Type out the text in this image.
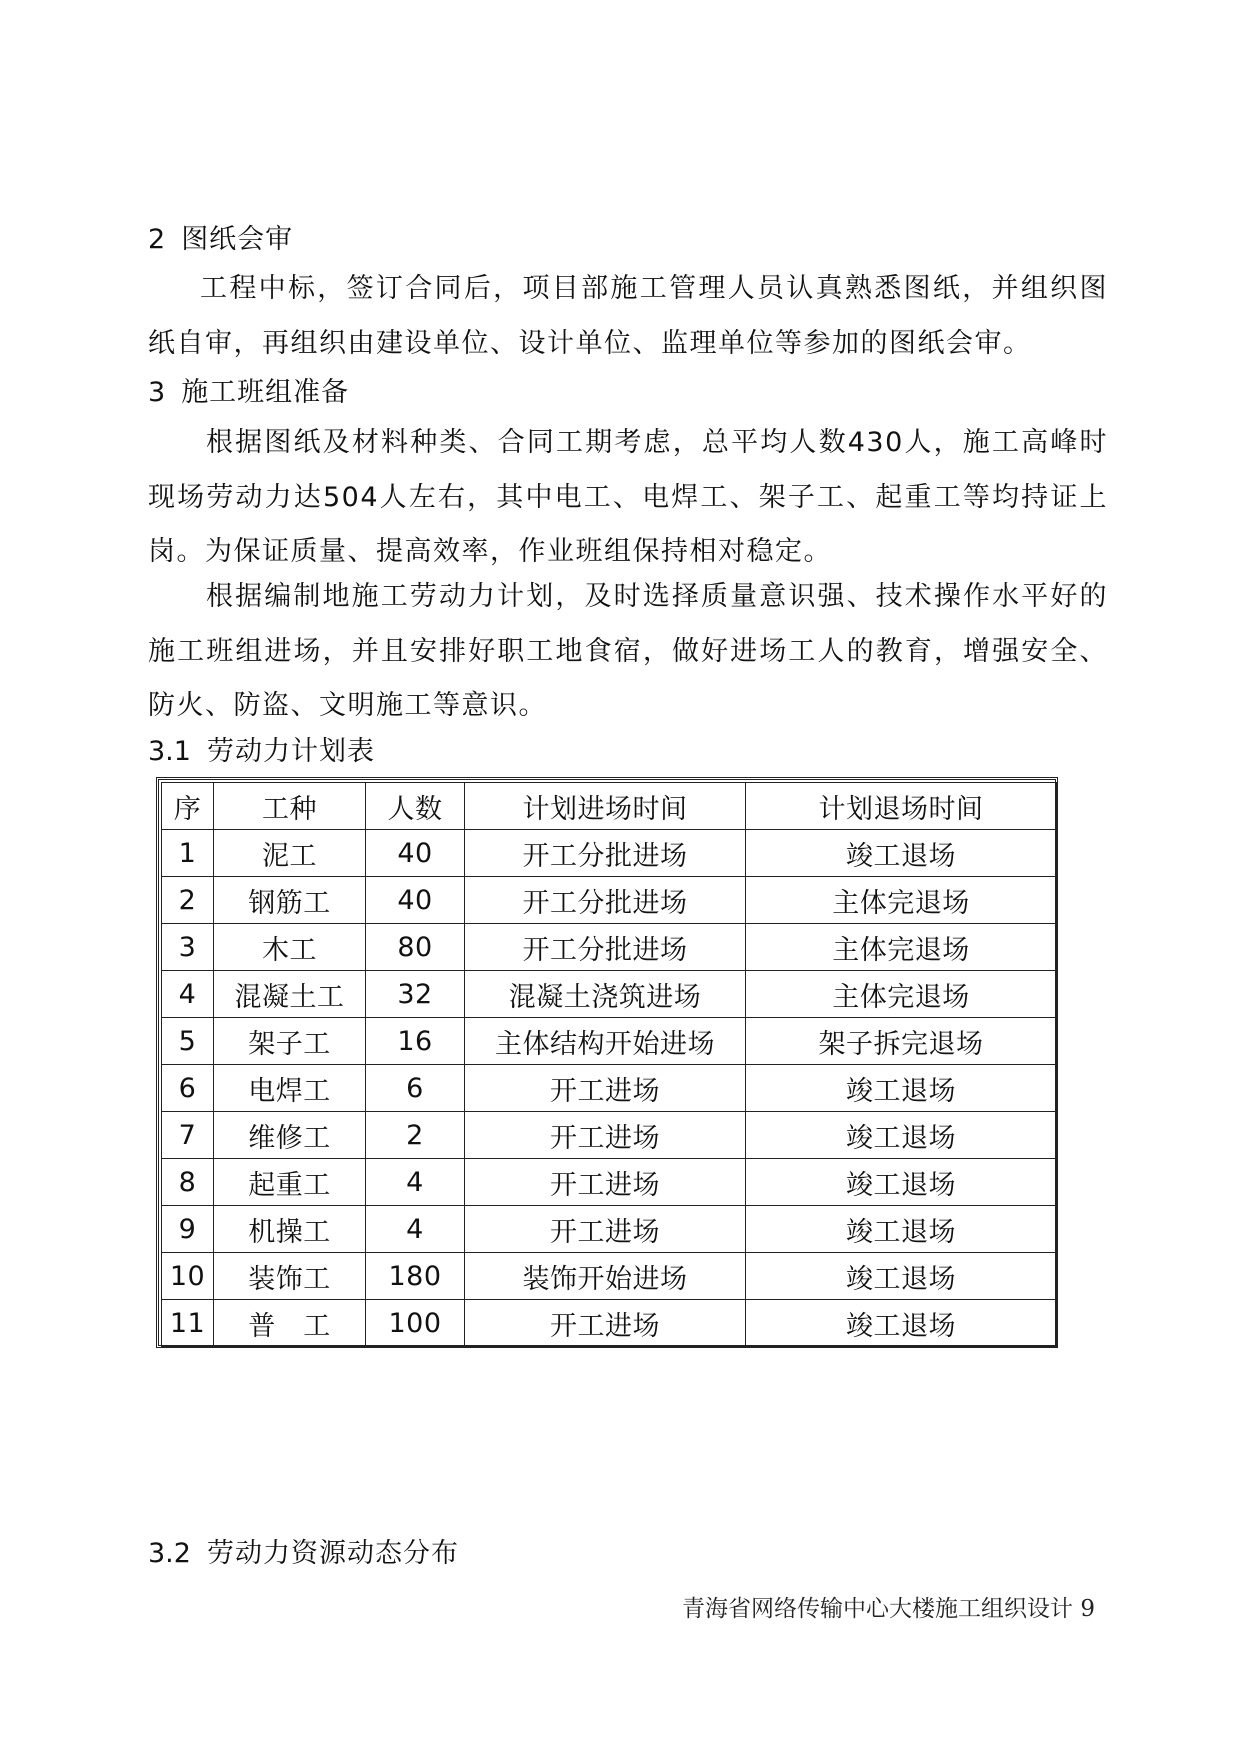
2 图纸会审
工程中标，签订合同后，项目部施工管理人员认真熟悉图纸，并组织图纸自审，再组织由建设单位、设计单位、监理单位等参加的图纸会审。
3 施工班组准备
根据图纸及材料种类、合同工期考虑，总平均人数430人，施工高峰时现场劳动力达504人左右，其中电工、电焊工、架子工、起重工等均持证上岗。为保证质量、提高效率，作业班组保持相对稳定。
根据编制地施工劳动力计划，及时选择质量意识强、技术操作水平好的施工班组进场，并且安排好职工地食宿，做好进场工人的教育，增强安全、防火、防盗、文明施工等意识。
3.1 劳动力计划表
序	工种	人数	计划进场时间	计划退场时间
1	泥工	40	开工分批进场	竣工退场
2	钢筋工	40	开工分批进场	主体完退场
3	木工	80	开工分批进场	主体完退场
4	混凝土工	32	混凝土浇筑进场	主体完退场
5	架子工	16	主体结构开始进场	架子拆完退场
6	电焊工	6	开工进场	竣工退场
7	维修工	2	开工进场	竣工退场
8	起重工	4	开工进场	竣工退场
9	机操工	4	开工进场	竣工退场
10	装饰工	180	装饰开始进场	竣工退场
11	普　工	100	开工进场	竣工退场
3.2 劳动力资源动态分布
青海省网络传输中心大楼施工组织设计 9
